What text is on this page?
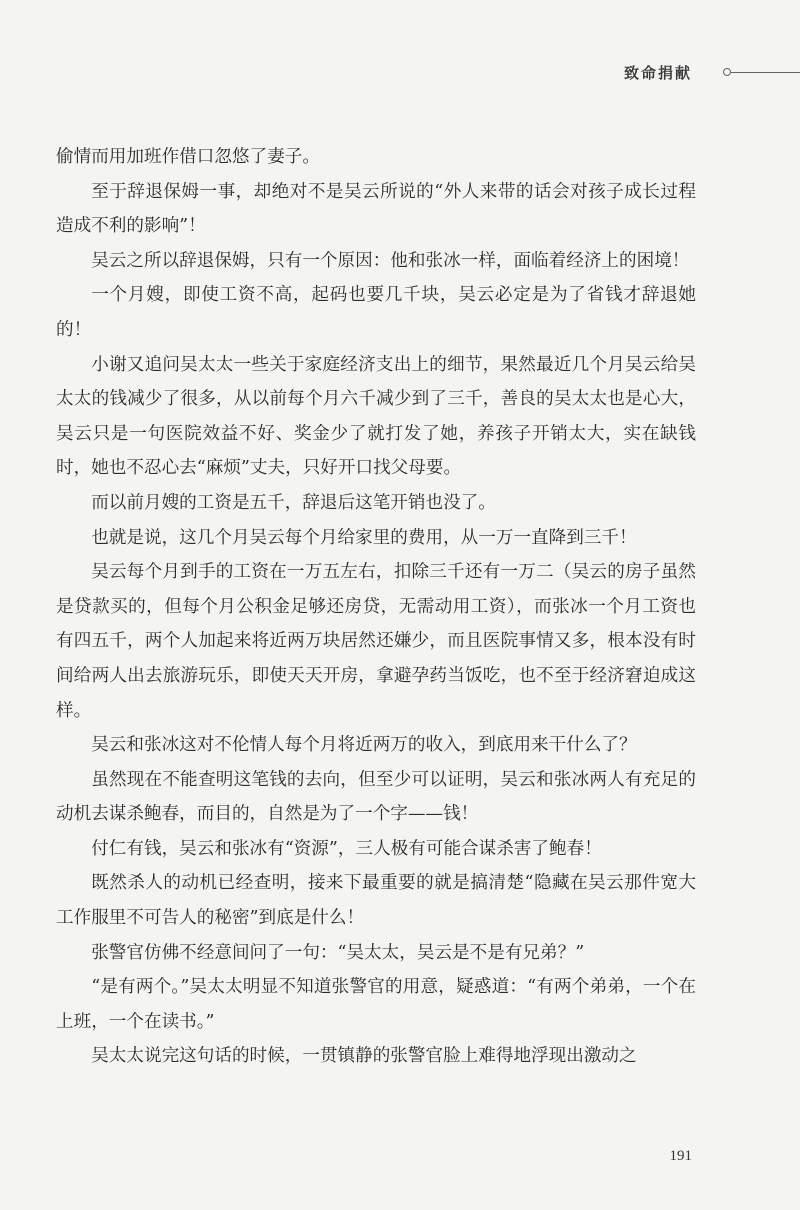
致命捐献

偷情而用加班作借口忽悠了妻子。

至于辞退保姆一事，却绝对不是吴云所说的“外人来带的话会对孩子成长过程造成不利的影响”！

吴云之所以辞退保姆，只有一个原因：他和张冰一样，面临着经济上的困境！

一个月嫂，即使工资不高，起码也要几千块，吴云必定是为了省钱才辞退她的！

小谢又追问吴太太一些关于家庭经济支出上的细节，果然最近几个月吴云给吴太太的钱减少了很多，从以前每个月六千减少到了三千，善良的吴太太也是心大，吴云只是一句医院效益不好、奖金少了就打发了她，养孩子开销太大，实在缺钱时，她也不忍心去“麻烦”丈夫，只好开口找父母要。

而以前月嫂的工资是五千，辞退后这笔开销也没了。

也就是说，这几个月吴云每个月给家里的费用，从一万一直降到三千！

吴云每个月到手的工资在一万五左右，扣除三千还有一万二（吴云的房子虽然是贷款买的，但每个月公积金足够还房贷，无需动用工资），而张冰一个月工资也有四五千，两个人加起来将近两万块居然还嫌少，而且医院事情又多，根本没有时间给两人出去旅游玩乐，即使天天开房，拿避孕药当饭吃，也不至于经济窘迫成这样。

吴云和张冰这对不伦情人每个月将近两万的收入，到底用来干什么了？

虽然现在不能查明这笔钱的去向，但至少可以证明，吴云和张冰两人有充足的动机去谋杀鲍春，而目的，自然是为了一个字——钱！

付仁有钱，吴云和张冰有“资源”，三人极有可能合谋杀害了鲍春！

既然杀人的动机已经查明，接来下最重要的就是搞清楚“隐藏在吴云那件宽大工作服里不可告人的秘密”到底是什么！

张警官仿佛不经意间问了一句：“吴太太，吴云是不是有兄弟？”

“是有两个。”吴太太明显不知道张警官的用意，疑惑道：“有两个弟弟，一个在上班，一个在读书。”

吴太太说完这句话的时候，一贯镇静的张警官脸上难得地浮现出激动之

191
